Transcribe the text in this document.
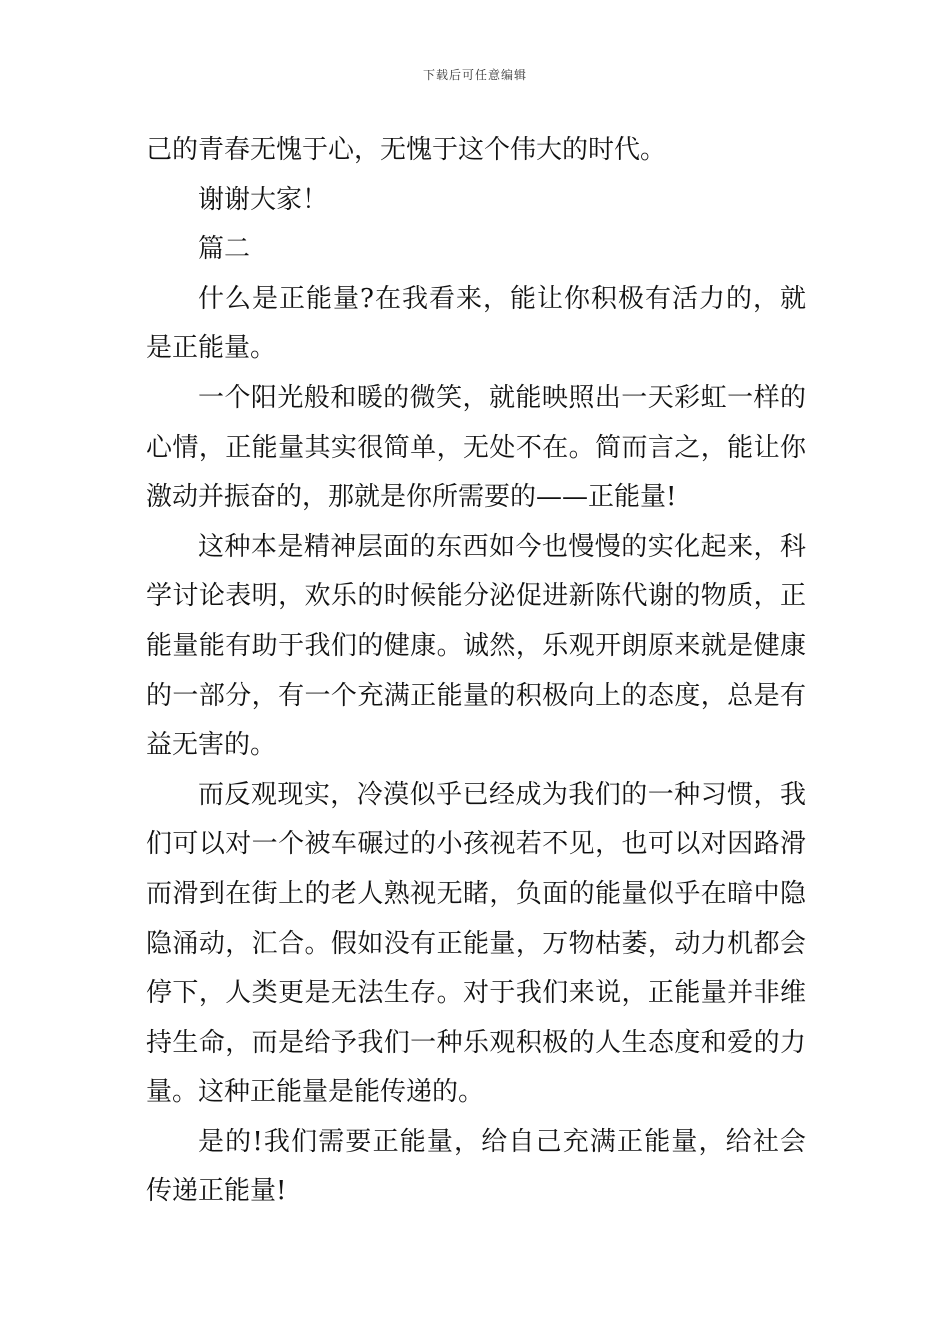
下载后可任意编辑

己的青春无愧于心，无愧于这个伟大的时代。

谢谢大家！

篇二

什么是正能量?在我看来，能让你积极有活力的，就是正能量。

一个阳光般和暖的微笑，就能映照出一天彩虹一样的心情，正能量其实很简单，无处不在。简而言之，能让你激动并振奋的，那就是你所需要的——正能量!

这种本是精神层面的东西如今也慢慢的实化起来，科学讨论表明，欢乐的时候能分泌促进新陈代谢的物质，正能量能有助于我们的健康。诚然，乐观开朗原来就是健康的一部分，有一个充满正能量的积极向上的态度，总是有益无害的。

而反观现实，冷漠似乎已经成为我们的一种习惯，我们可以对一个被车碾过的小孩视若不见，也可以对因路滑而滑到在街上的老人熟视无睹，负面的能量似乎在暗中隐隐涌动，汇合。假如没有正能量，万物枯萎，动力机都会停下，人类更是无法生存。对于我们来说，正能量并非维持生命，而是给予我们一种乐观积极的人生态度和爱的力量。这种正能量是能传递的。

是的!我们需要正能量，给自己充满正能量，给社会传递正能量!
